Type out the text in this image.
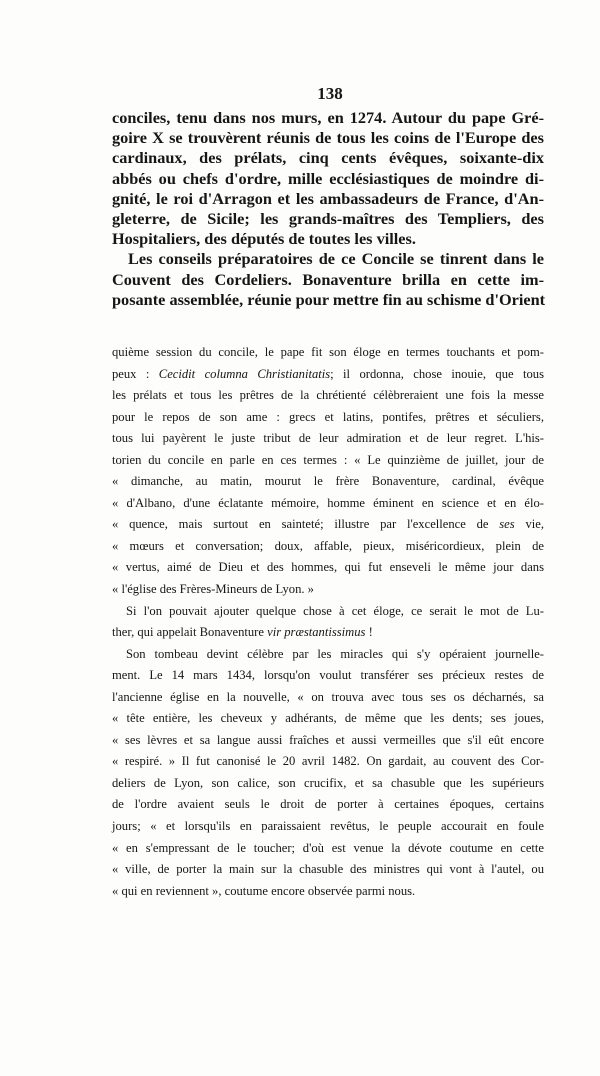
138
conciles, tenu dans nos murs, en 1274. Autour du pape Gré-
goire X se trouvèrent réunis de tous les coins de l'Europe des
cardinaux, des prélats, cinq cents évêques, soixante-dix
abbés ou chefs d'ordre, mille ecclésiastiques de moindre di-
gnité, le roi d'Arragon et les ambassadeurs de France, d'An-
gleterre, de Sicile; les grands-maîtres des Templiers, des
Hospitaliers, des députés de toutes les villes.
Les conseils préparatoires de ce Concile se tinrent dans le
Couvent des Cordeliers. Bonaventure brilla en cette im-
posante assemblée, réunie pour mettre fin au schisme d'Orient
quième session du concile, le pape fit son éloge en termes touchants et pom-
peux : Cecidit columna Christianitatis; il ordonna, chose inouie, que tous
les prélats et tous les prêtres de la chrétienté célèbreraient une fois la messe
pour le repos de son ame : grecs et latins, pontifes, prêtres et séculiers,
tous lui payèrent le juste tribut de leur admiration et de leur regret. L'his-
torien du concile en parle en ces termes : « Le quinzième de juillet, jour de
« dimanche, au matin, mourut le frère Bonaventure, cardinal, évêque
« d'Albano, d'une éclatante mémoire, homme éminent en science et en élo-
« quence, mais surtout en sainteté; illustre par l'excellence de ses vie,
« mœurs et conversation; doux, affable, pieux, miséricordieux, plein de
« vertus, aimé de Dieu et des hommes, qui fut enseveli le même jour dans
« l'église des Frères-Mineurs de Lyon. »
Si l'on pouvait ajouter quelque chose à cet éloge, ce serait le mot de Lu-
ther, qui appelait Bonaventure vir præstantissimus !
Son tombeau devint célèbre par les miracles qui s'y opéraient journelle-
ment. Le 14 mars 1434, lorsqu'on voulut transférer ses précieux restes de
l'ancienne église en la nouvelle, « on trouva avec tous ses os décharnés, sa
« tête entière, les cheveux y adhérants, de même que les dents; ses joues,
« ses lèvres et sa langue aussi fraîches et aussi vermeilles que s'il eût encore
« respiré. » Il fut canonisé le 20 avril 1482. On gardait, au couvent des Cor-
deliers de Lyon, son calice, son crucifix, et sa chasuble que les supérieurs
de l'ordre avaient seuls le droit de porter à certaines époques, certains
jours; « et lorsqu'ils en paraissaient revêtus, le peuple accourait en foule
« en s'empressant de le toucher; d'où est venue la dévote coutume en cette
« ville, de porter la main sur la chasuble des ministres qui vont à l'autel, ou
« qui en reviennent », coutume encore observée parmi nous.
